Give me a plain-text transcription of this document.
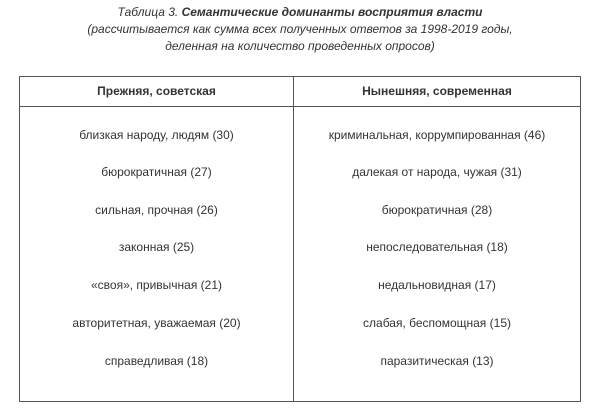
Таблица 3. Семантические доминанты восприятия власти
(рассчитывается как сумма всех полученных ответов за 1998-2019 годы,
деленная на количество проведенных опросов)
Прежняя, советская	Нынешняя, современная
близкая народу, людям (30)
бюрократичная (27)
сильная, прочная (26)
законная (25)
«своя», привычная (21)
авторитетная, уважаемая (20)
справедливая (18)
криминальная, коррумпированная (46)
далекая от народа, чужая (31)
бюрократичная (28)
непоследовательная (18)
недальновидная (17)
слабая, беспомощная (15)
паразитическая (13)
